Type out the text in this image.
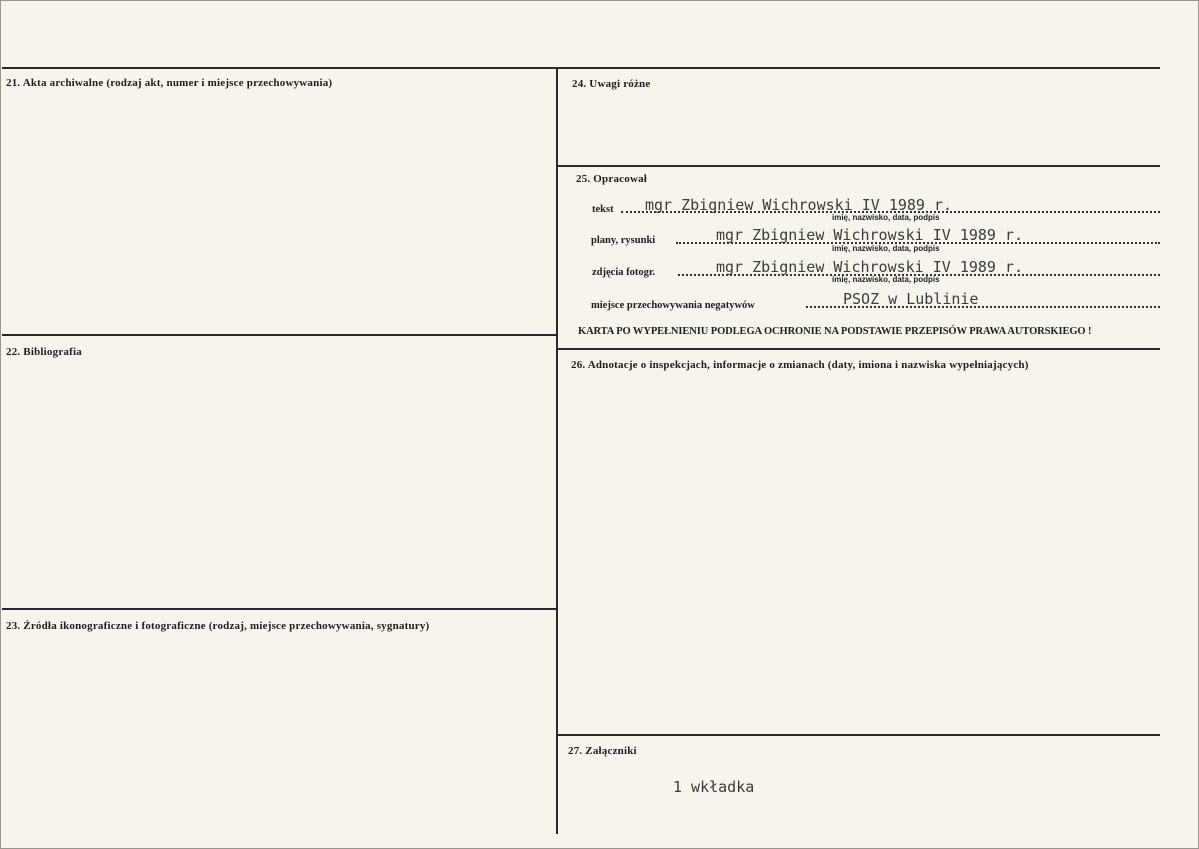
21. Akta archiwalne (rodzaj akt, numer i miejsce przechowywania)
22. Bibliografia
23. Źródła ikonograficzne i fotograficzne (rodzaj, miejsce przechowywania, sygnatury)
24. Uwagi różne
25. Opracował
tekst mgr Zbigniew Wichrowski IV 1989 r.
imię, nazwisko, data, podpis
plany, rysunki	mgr Zbigniew Wichrowski IV 1989 r.
imię, nazwisko, data, podpis
zdjęcia fotogr.	mgr Zbigniew Wichrowski IV 1989 r.
imię, nazwisko, data, podpis
miejsce przechowywania negatywów	PSOZ w Lublinie
KARTA PO WYPEŁNIENIU PODLEGA OCHRONIE NA PODSTAWIE PRZEPISÓW PRAWA AUTORSKIEGO !
26. Adnotacje o inspekcjach, informacje o zmianach (daty, imiona i nazwiska wypełniających)
27. Załączniki
1 wkładka
